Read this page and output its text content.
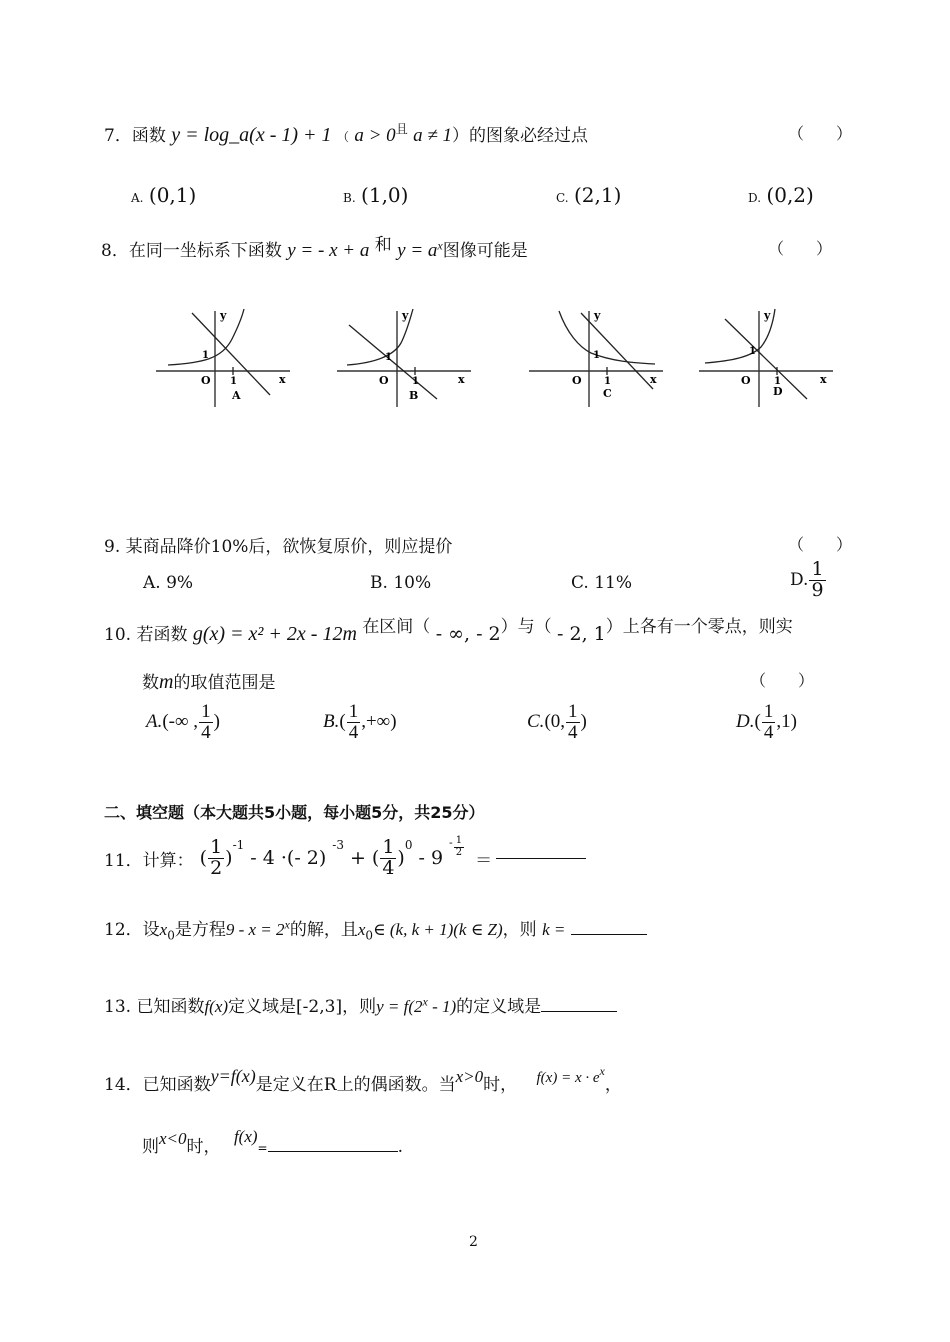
7．函数 y = log_a(x - 1) + 1 （ $a > 0^且$ a ≠ 1）的图象必经过点	（　　）
A. (0,1)	B. (1,0)	C. (2,1)	D. (0,2)
8．在同一坐标系下函数 y = - x + a 和 $y = a^x$图像可能是	（　　）
y
x
O
1
1
A
y
x
O
1
1
B
y
x
O
1
1
C
y
x
O
1
1
D
9. 某商品降价10%后，欲恢复原价，则应提价	（　　）
A. 9%	B. 10%	C. 11%	D. $\frac{1}{9}$
10. 若函数 g(x) = x² + 2x - 12m 在区间（ - ∞, - 2）与（ - 2, 1）上各有一个零点，则实
数m的取值范围是	（　　）
A. (-∞ , $\frac{1}{4}$ )	B. ( $\frac{1}{4}$ ,+∞)	C. (0, $\frac{1}{4}$ )	D. ( $\frac{1}{4} ,1$)
二、填空题（本大题共5小题，每小题5分，共25分）
11． 计算： ( $\frac{1}{2}$ )
$^{-1}$
- 4 ·(- 2)
$^{-3}$
+ ( $\frac{1}{4}$ )
$^0$
- 9
- $\frac{1}{2}$
＝
12．设$x_0$是方程$9 - x = 2^x$的解，且$x_0\in$ (k, k + 1)(k ∈ Z)，则 k =
13. 已知函数f(x)定义域是[-2,3]，则$y = f(2^x - 1)$的定义域是
14．已知函数y=f(x)是定义在R上的偶函数。当x>0时， $f(x) = x \cdot e^x$，
则x<0时， f(x)=	.
2
